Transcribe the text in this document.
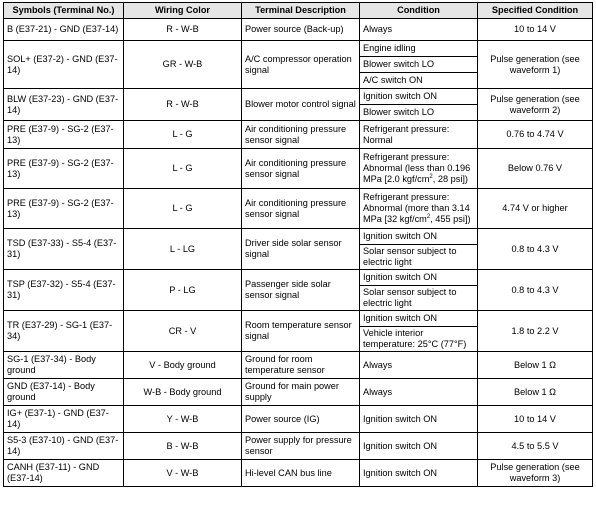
Symbols (Terminal No.)	Wiring Color	Terminal Description	Condition	Specified Condition
B (E37-21) - GND (E37-14)	R - W-B	Power source (Back-up)	Always	10 to 14 V
SOL+ (E37-2) - GND (E37-14)	GR - W-B	A/C compressor operation signal	Engine idling	Pulse generation (see waveform 1)
			Blower switch LO	
			A/C switch ON	
BLW (E37-23) - GND (E37-14)	R - W-B	Blower motor control signal	Ignition switch ON	Pulse generation (see waveform 2)
			Blower switch LO	
PRE (E37-9) - SG-2 (E37-13)	L - G	Air conditioning pressure sensor signal	Refrigerant pressure: Normal	0.76 to 4.74 V
PRE (E37-9) - SG-2 (E37-13)	L - G	Air conditioning pressure sensor signal	Refrigerant pressure: Abnormal (less than 0.196 MPa [2.0 kgf/$cm^2$, 28 psi])	Below 0.76 V
PRE (E37-9) - SG-2 (E37-13)	L - G	Air conditioning pressure sensor signal	Refrigerant pressure: Abnormal (more than 3.14 MPa [32 kgf/$cm^2$, 455 psi])	4.74 V or higher
TSD (E37-33) - S5-4 (E37-31)	L - LG	Driver side solar sensor signal	Ignition switch ON	0.8 to 4.3 V
			Solar sensor subject to electric light	
TSP (E37-32) - S5-4 (E37-31)	P - LG	Passenger side solar sensor signal	Ignition switch ON	0.8 to 4.3 V
			Solar sensor subject to electric light	
TR (E37-29) - SG-1 (E37-34)	CR - V	Room temperature sensor signal	Ignition switch ON	1.8 to 2.2 V
			Vehicle interior temperature: 25°C (77°F)	
SG-1 (E37-34) - Body ground	V - Body ground	Ground for room temperature sensor	Always	Below 1 Ω
GND (E37-14) - Body ground	W-B - Body ground	Ground for main power supply	Always	Below 1 Ω
IG+ (E37-1) - GND (E37-14)	Y - W-B	Power source (IG)	Ignition switch ON	10 to 14 V
S5-3 (E37-10) - GND (E37-14)	B - W-B	Power supply for pressure sensor	Ignition switch ON	4.5 to 5.5 V
CANH (E37-11) - GND (E37-14)	V - W-B	Hi-level CAN bus line	Ignition switch ON	Pulse generation (see waveform 3)
